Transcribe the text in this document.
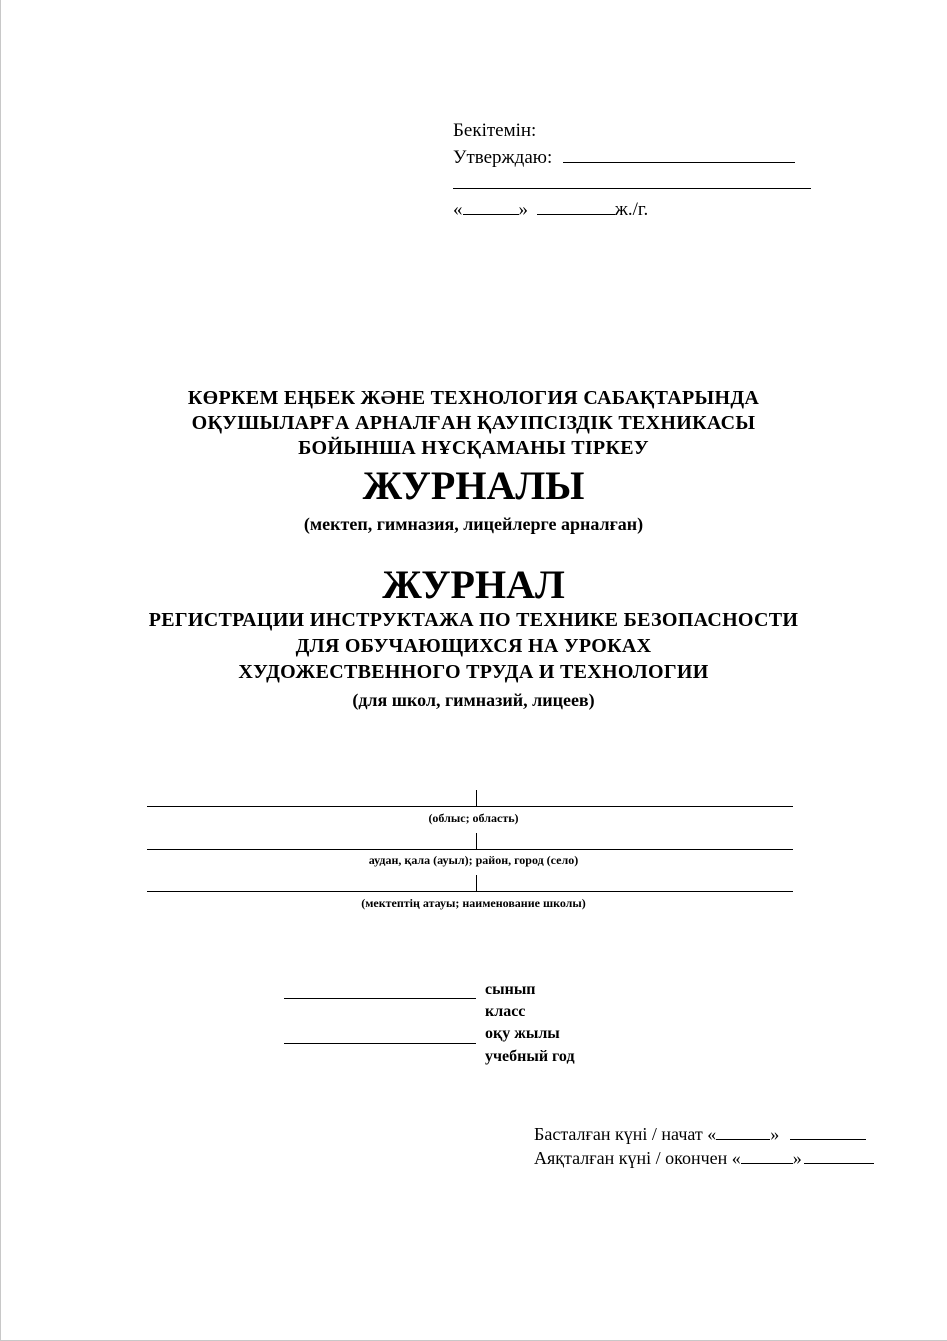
Бекітемін:
Утверждаю:
«	»	ж./г.
КӨРКЕМ ЕҢБЕК ЖӘНЕ ТЕХНОЛОГИЯ САБАҚТАРЫНДА
ОҚУШЫЛАРҒА АРНАЛҒАН ҚАУІПСІЗДІК ТЕХНИКАСЫ
БОЙЫНША НҰСҚАМАНЫ ТІРКЕУ
ЖУРНАЛЫ
(мектеп, гимназия, лицейлерге арналған)
ЖУРНАЛ
РЕГИСТРАЦИИ ИНСТРУКТАЖА ПО ТЕХНИКЕ БЕЗОПАСНОСТИ
ДЛЯ ОБУЧАЮЩИХСЯ НА УРОКАХ
ХУДОЖЕСТВЕННОГО ТРУДА И ТЕХНОЛОГИИ
(для школ, гимназий, лицеев)
(облыс; область)
аудан, қала (ауыл); район, город (село)
(мектептің атауы; наименование школы)
сынып
класс
оқу жылы
учебный год
Басталған күні / начат «	»
Аяқталған күні / окончен «	»
